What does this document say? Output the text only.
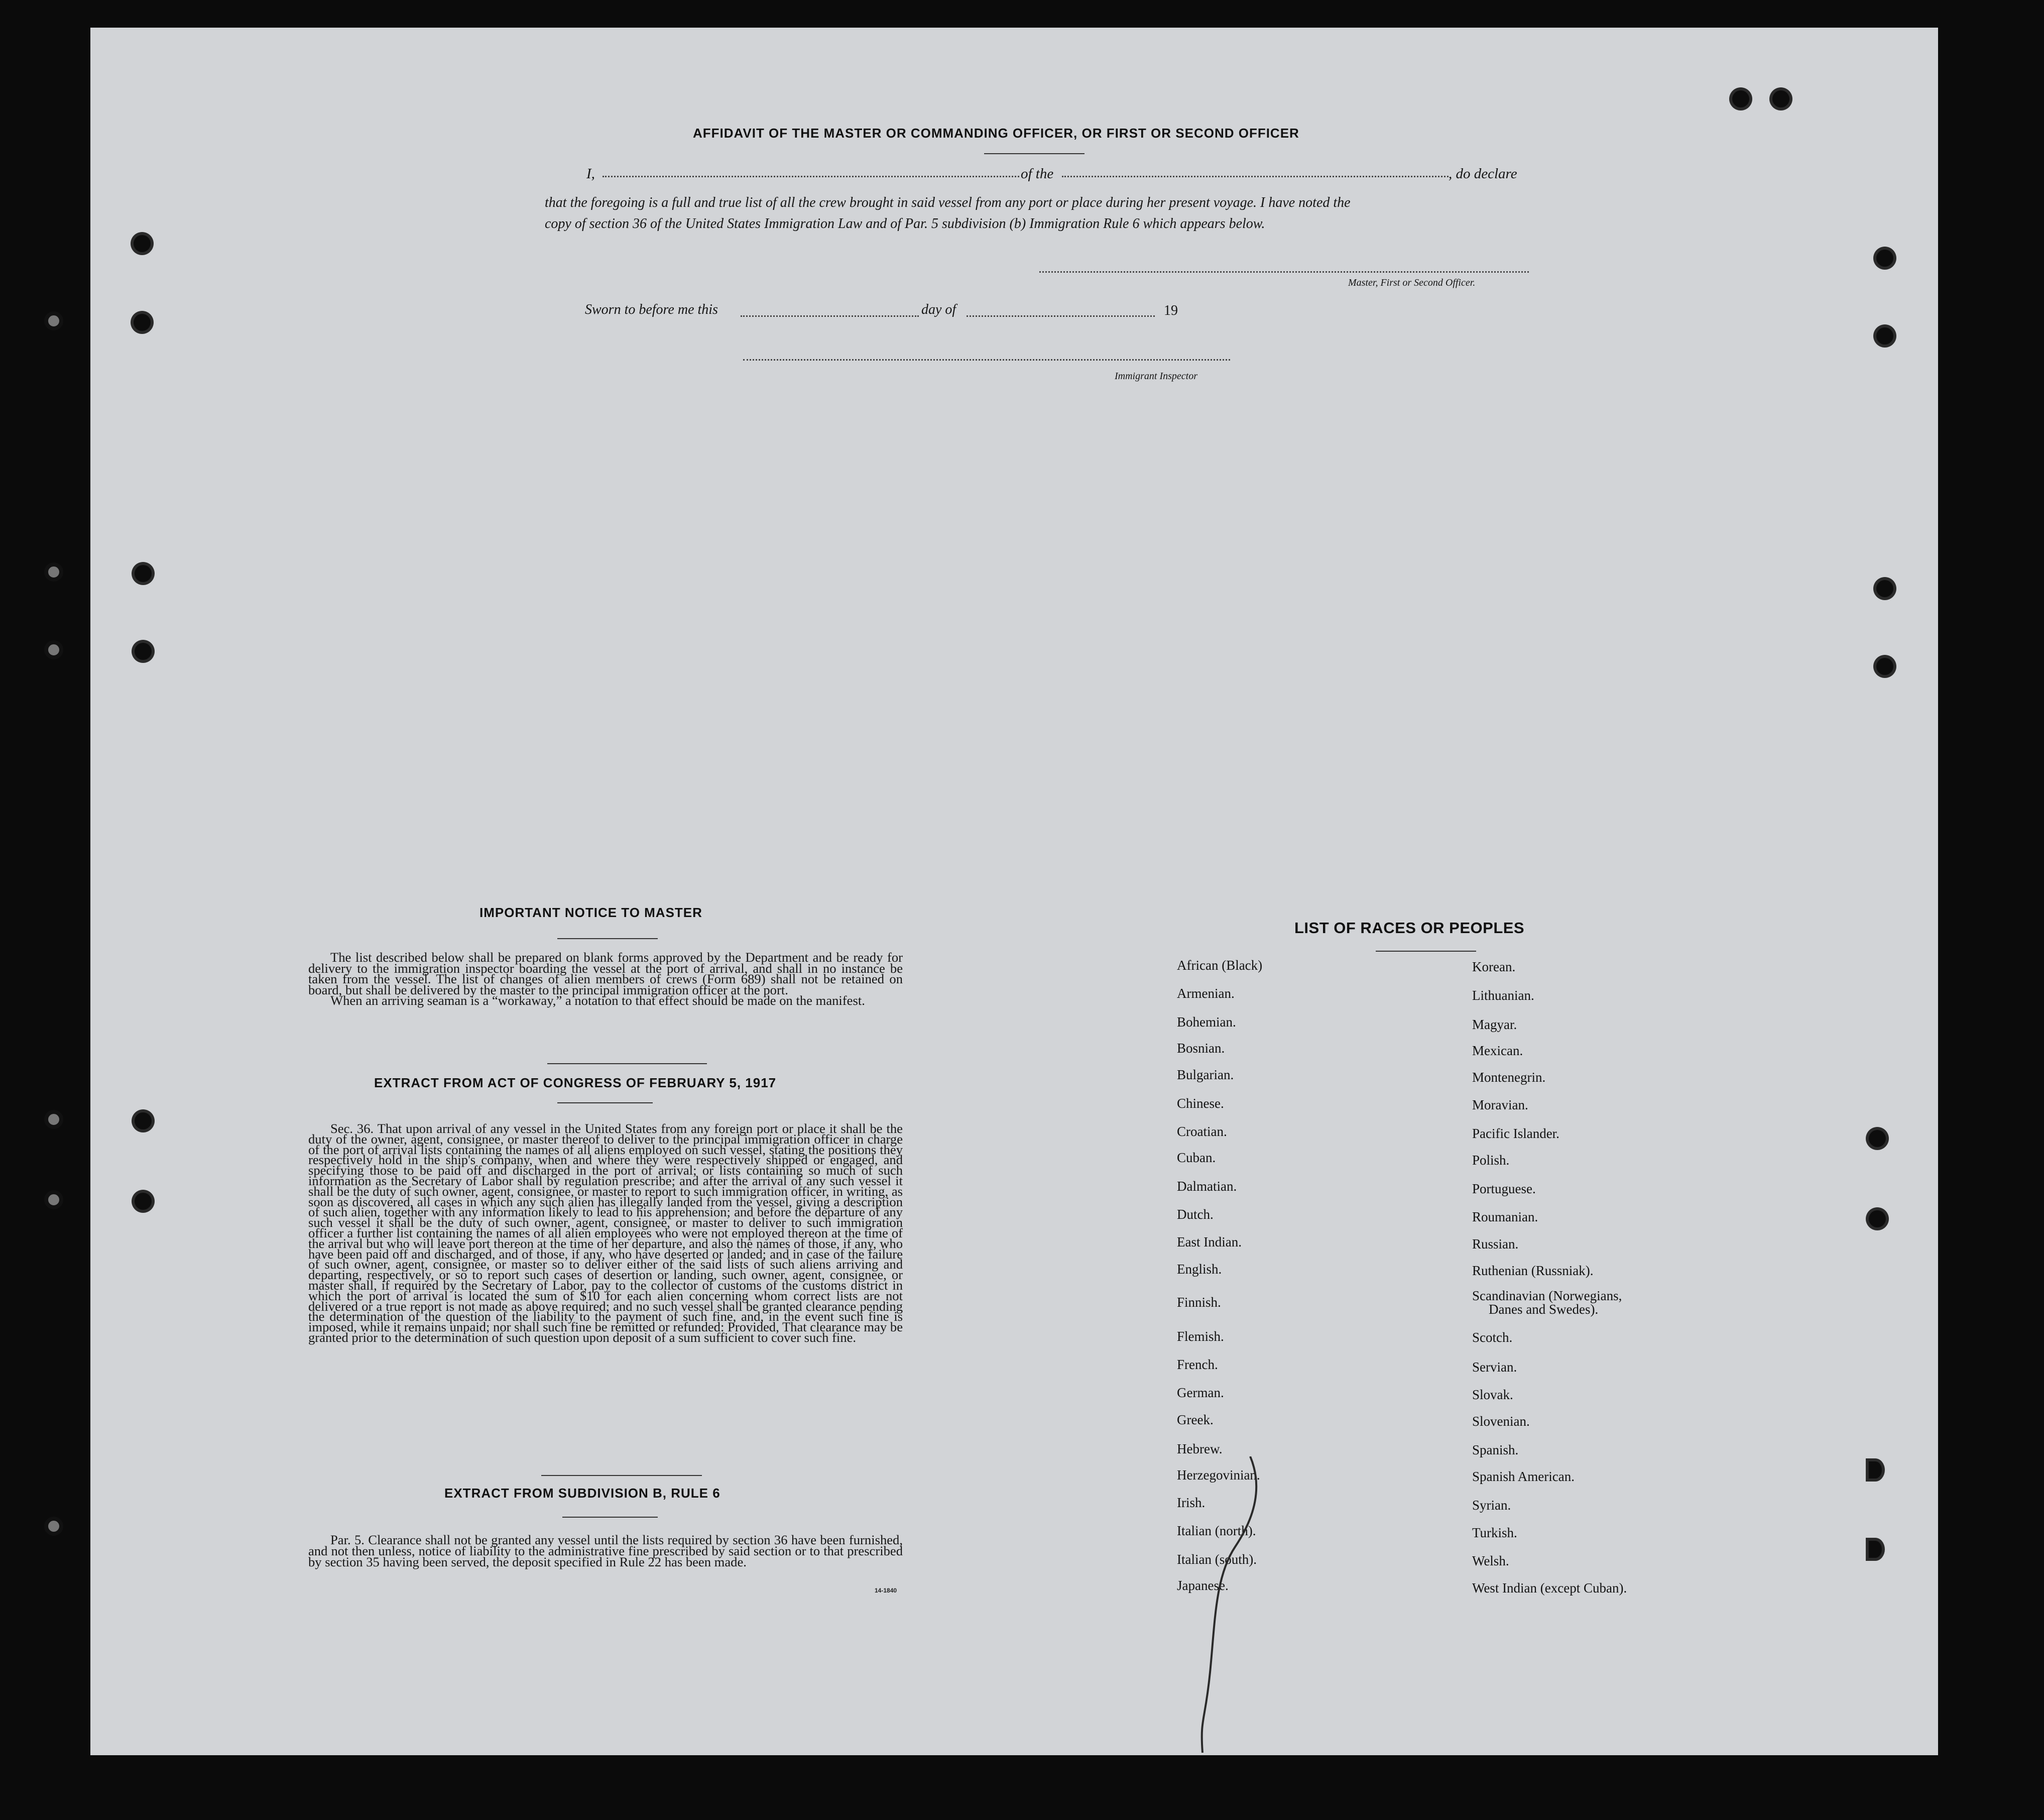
AFFIDAVIT OF THE MASTER OR COMMANDING OFFICER, OR FIRST OR SECOND OFFICER
I,	of the	, do declare
that the foregoing is a full and true list of all the crew brought in said vessel from any port or place during her present voyage. I have noted the
copy of section 36 of the United States Immigration Law and of Par. 5 subdivision (b) Immigration Rule 6 which appears below.
Master, First or Second Officer.
Sworn to before me this	day of	19
Immigrant Inspector
IMPORTANT NOTICE TO MASTER

The list described below shall be prepared on blank forms approved by the Department and be ready for delivery to the immigration inspector boarding the vessel at the port of arrival, and shall in no instance be taken from the vessel. The list of changes of alien members of crews (Form 689) shall not be retained on board, but shall be delivered by the master to the principal immigration officer at the port.

When an arriving seaman is a “workaway,” a notation to that effect should be made on the manifest.

EXTRACT FROM ACT OF CONGRESS OF FEBRUARY 5, 1917
Sec. 36. That upon arrival of any vessel in the United States from any foreign port or place it shall be the duty of the owner, agent, consignee, or master thereof to deliver to the principal immigration officer in charge of the port of arrival lists containing the names of all aliens employed on such vessel, stating the positions they respectively hold in the ship's company, when and where they were respectively shipped or engaged, and specifying those to be paid off and discharged in the port of arrival; or lists containing so much of such information as the Secretary of Labor shall by regulation prescribe; and after the arrival of any such vessel it shall be the duty of such owner, agent, consignee, or master to report to such immigration officer, in writing, as soon as discovered, all cases in which any such alien has illegally landed from the vessel, giving a description of such alien, together with any information likely to lead to his apprehension; and before the departure of any such vessel it shall be the duty of such owner, agent, consignee, or master to deliver to such immigration officer a further list containing the names of all alien employees who were not employed thereon at the time of the arrival but who will leave port thereon at the time of her departure, and also the names of those, if any, who have been paid off and discharged, and of those, if any, who have deserted or landed; and in case of the failure of such owner, agent, consignee, or master so to deliver either of the said lists of such aliens arriving and departing, respectively, or so to report such cases of desertion or landing, such owner, agent, consignee, or master shall, if required by the Secretary of Labor, pay to the collector of customs of the customs district in which the port of arrival is located the sum of $10 for each alien concerning whom correct lists are not delivered or a true report is not made as above required; and no such vessel shall be granted clearance pending the determination of the question of the liability to the payment of such fine, and, in the event such fine is imposed, while it remains unpaid; nor shall such fine be remitted or refunded: Provided, That clearance may be granted prior to the determination of such question upon deposit of a sum sufficient to cover such fine.
EXTRACT FROM SUBDIVISION B, RULE 6
Par. 5. Clearance shall not be granted any vessel until the lists required by section 36 have been furnished, and not then unless, notice of liability to the administrative fine prescribed by said section or to that prescribed by section 35 having been served, the deposit specified in Rule 22 has been made.
14-1840
LIST OF RACES OR PEOPLES
African (Black)
Armenian.
Bohemian.
Bosnian.
Bulgarian.
Chinese.
Croatian.
Cuban.
Dalmatian.
Dutch.
East Indian.
English.
Finnish.
Flemish.
French.
German.
Greek.
Hebrew.
Herzegovinian.
Irish.
Italian (north).
Italian (south).
Japanese.
Korean.
Lithuanian.
Magyar.
Mexican.
Montenegrin.
Moravian.
Pacific Islander.
Polish.
Portuguese.
Roumanian.
Russian.
Ruthenian (Russniak).
Scandinavian (Norwegians,
Danes and Swedes).
Scotch.
Servian.
Slovak.
Slovenian.
Spanish.
Spanish American.
Syrian.
Turkish.
Welsh.
West Indian (except Cuban).
